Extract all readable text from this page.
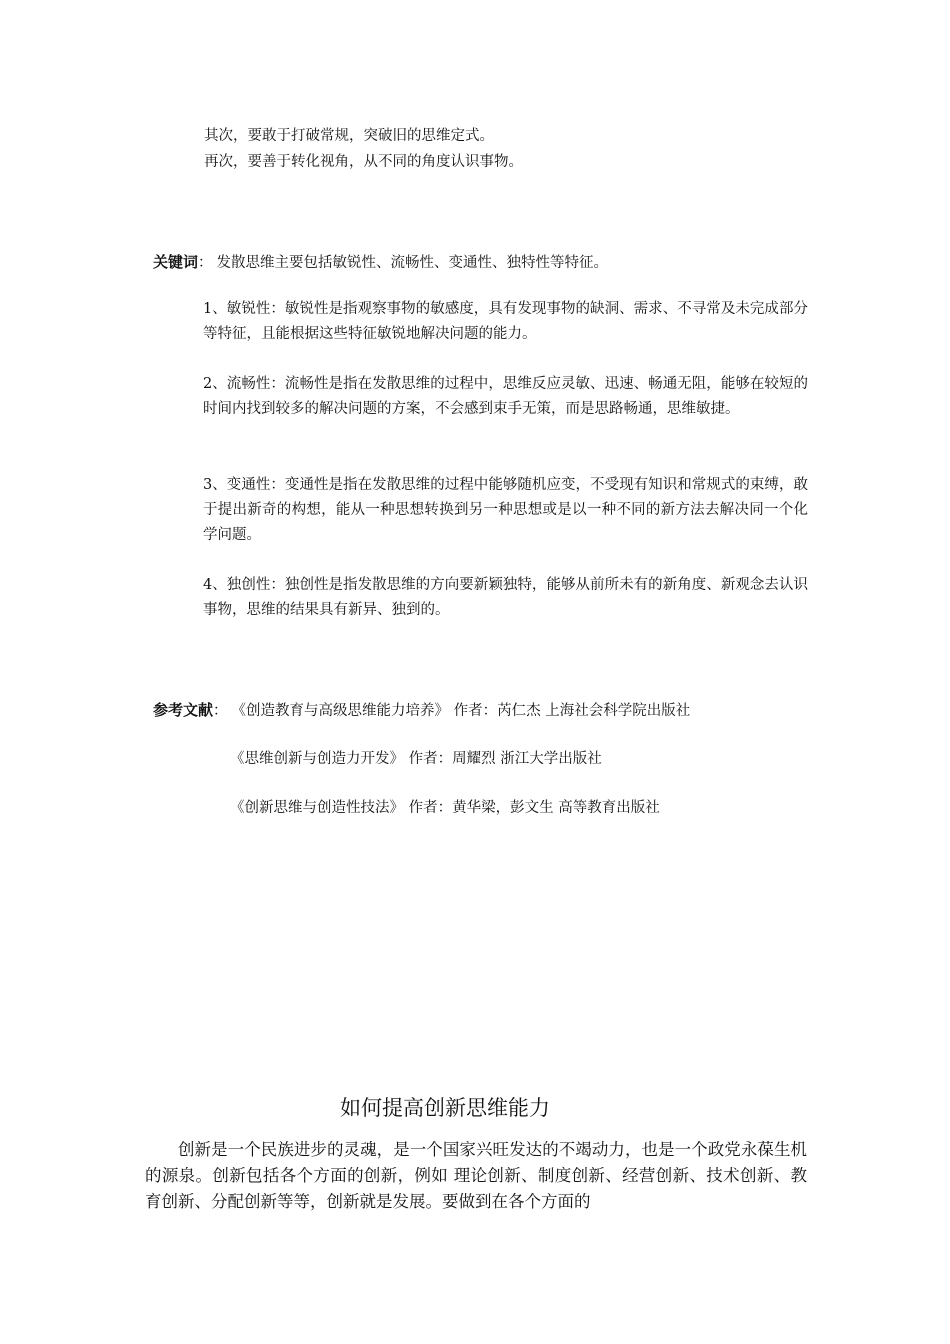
其次，要敢于打破常规，突破旧的思维定式。
再次，要善于转化视角，从不同的角度认识事物。
关键词： 发散思维主要包括敏锐性、流畅性、变通性、独特性等特征。
1、敏锐性：敏锐性是指观察事物的敏感度，具有发现事物的缺洞、需求、不寻常及未完成部分等特征，且能根据这些特征敏锐地解决问题的能力。
2、流畅性：流畅性是指在发散思维的过程中，思维反应灵敏、迅速、畅通无阻，能够在较短的时间内找到较多的解决问题的方案，不会感到束手无策，而是思路畅通，思维敏捷。
3、变通性：变通性是指在发散思维的过程中能够随机应变，不受现有知识和常规式的束缚，敢于提出新奇的构想，能从一种思想转换到另一种思想或是以一种不同的新方法去解决同一个化学问题。
4、独创性：独创性是指发散思维的方向要新颖独特，能够从前所未有的新角度、新观念去认识事物，思维的结果具有新异、独到的。
参考文献： 《创造教育与高级思维能力培养》 作者：芮仁杰 上海社会科学院出版社
《思维创新与创造力开发》 作者：周耀烈 浙江大学出版社
《创新思维与创造性技法》 作者：黄华梁，彭文生 高等教育出版社
如何提高创新思维能力
创新是一个民族进步的灵魂，是一个国家兴旺发达的不竭动力，也是一个政党永葆生机的源泉。创新包括各个方面的创新，例如 理论创新、制度创新、经营创新、技术创新、教育创新、分配创新等等，创新就是发展。要做到在各个方面的
